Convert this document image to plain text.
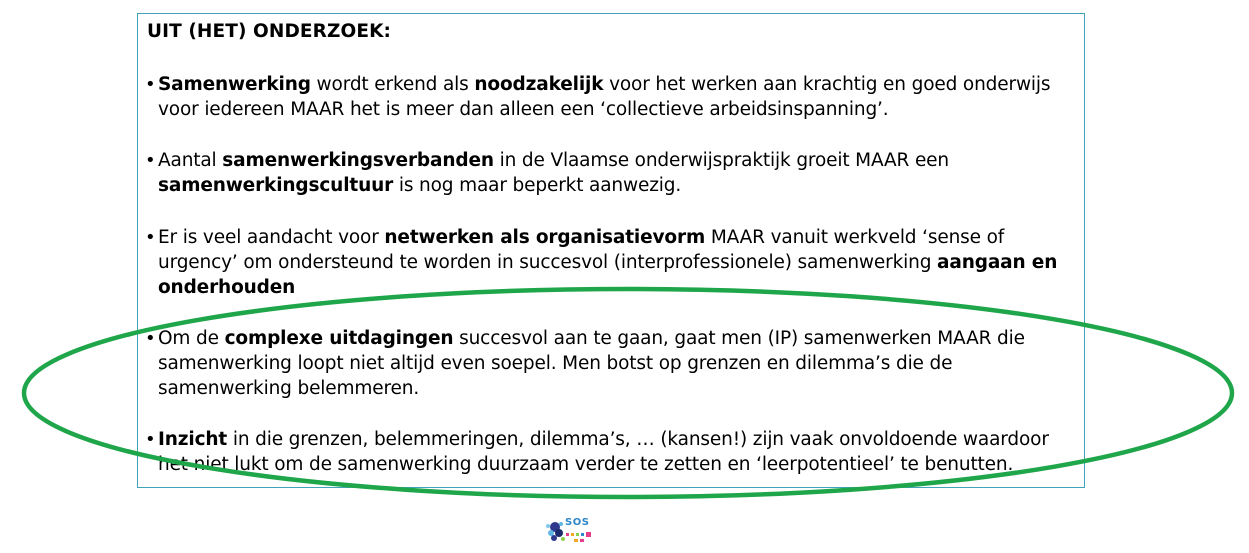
UIT (HET) ONDERZOEK:
• Samenwerking wordt erkend als noodzakelijk voor het werken aan krachtig en goed onderwijs voor iedereen MAAR het is meer dan alleen een ‘collectieve arbeidsinspanning’.
• Aantal samenwerkingsverbanden in de Vlaamse onderwijspraktijk groeit MAAR een samenwerkingscultuur is nog maar beperkt aanwezig.
• Er is veel aandacht voor netwerken als organisatievorm MAAR vanuit werkveld ‘sense of urgency’ om ondersteund te worden in succesvol (interprofessionele) samenwerking aangaan en onderhouden
• Om de complexe uitdagingen succesvol aan te gaan, gaat men (IP) samenwerken MAAR die samenwerking loopt niet altijd even soepel. Men botst op grenzen en dilemma’s die de samenwerking belemmeren.
• Inzicht in die grenzen, belemmeringen, dilemma’s, … (kansen!) zijn vaak onvoldoende waardoor het niet lukt om de samenwerking duurzaam verder te zetten en ‘leerpotentieel’ te benutten.
SOS
